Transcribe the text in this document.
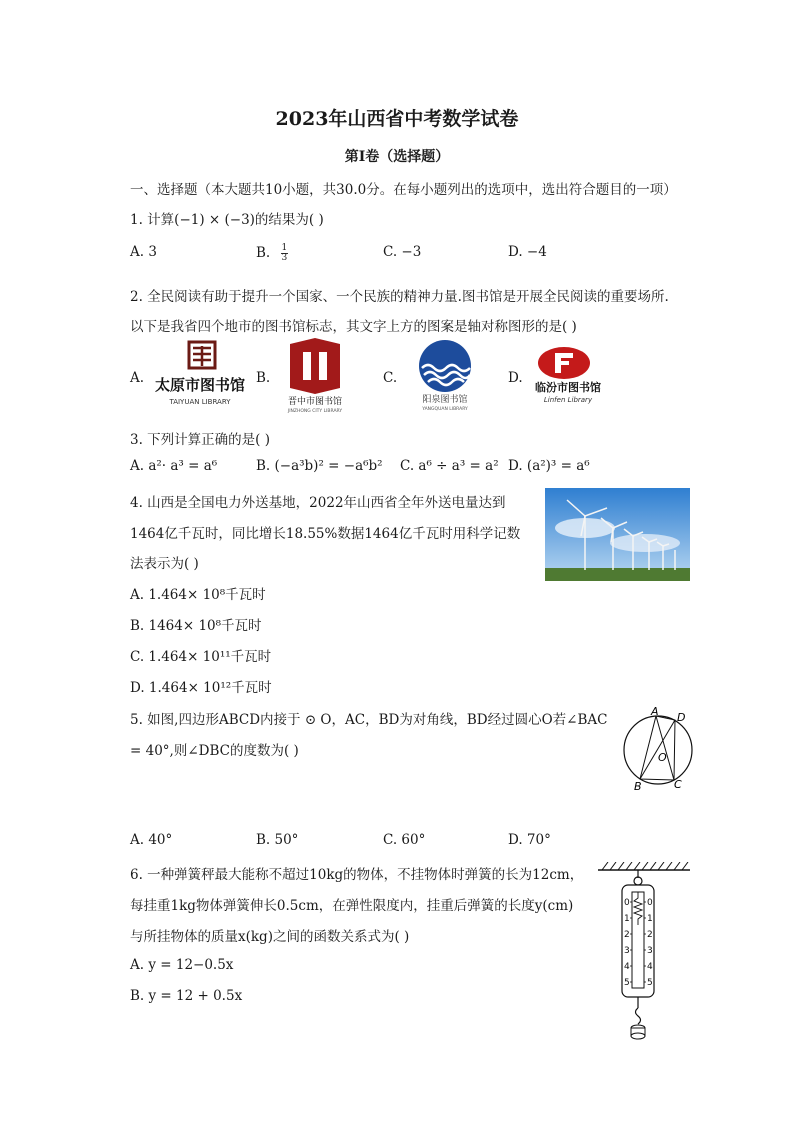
2023年山西省中考数学试卷
第I卷（选择题）
一、选择题（本大题共10小题，共30.0分。在每小题列出的选项中，选出符合题目的一项）
1. 计算(−1) × (−3)的结果为( )
A. 3	B. $\frac{1}{3}$	C. −3	D. −4
2. 全民阅读有助于提升一个国家、一个民族的精神力量.图书馆是开展全民阅读的重要场所.
以下是我省四个地市的图书馆标志，其文字上方的图案是轴对称图形的是( )
A. 太原市图书馆
TAIYUAN LIBRARY
B.
晋中市图书馆
JINZHONG CITY LIBRARY
C.
阳泉图书馆
YANGQUAN LIBRARY
D.
临汾市图书馆
Linfen Library
3. 下列计算正确的是( )
A. a²· a³ = a⁶	B. (−a³b)² = −a⁶b² C. a⁶ ÷ a³ = a² D. (a²)³ = a⁶
4. 山西是全国电力外送基地，2022年山西省全年外送电量达到
1464亿千瓦时，同比增长18.55%数据1464亿千瓦时用科学记数
法表示为( )
A. 1.464× 10⁸千瓦时
B. 1464× 10⁸千瓦时
C. 1.464× 10¹¹千瓦时
D. 1.464× 10¹²千瓦时
5. 如图,四边形ABCD内接于 ⊙ O，AC，BD为对角线，BD经过圆心O若∠BAC
= 40°,则∠DBC的度数为( )
A D
O
B	C
A. 40°	B. 50°	C. 60°	D. 70°
6. 一种弹簧秤最大能称不超过10kg的物体，不挂物体时弹簧的长为12cm，
每挂重1kg物体弹簧伸长0.5cm，在弹性限度内，挂重后弹簧的长度y(cm)
与所挂物体的质量x(kg)之间的函数关系式为( )
A. y = 12−0.5x
B. y = 12 + 0.5x
0
1
2
3
4
5
0
1
2
3
4
5
